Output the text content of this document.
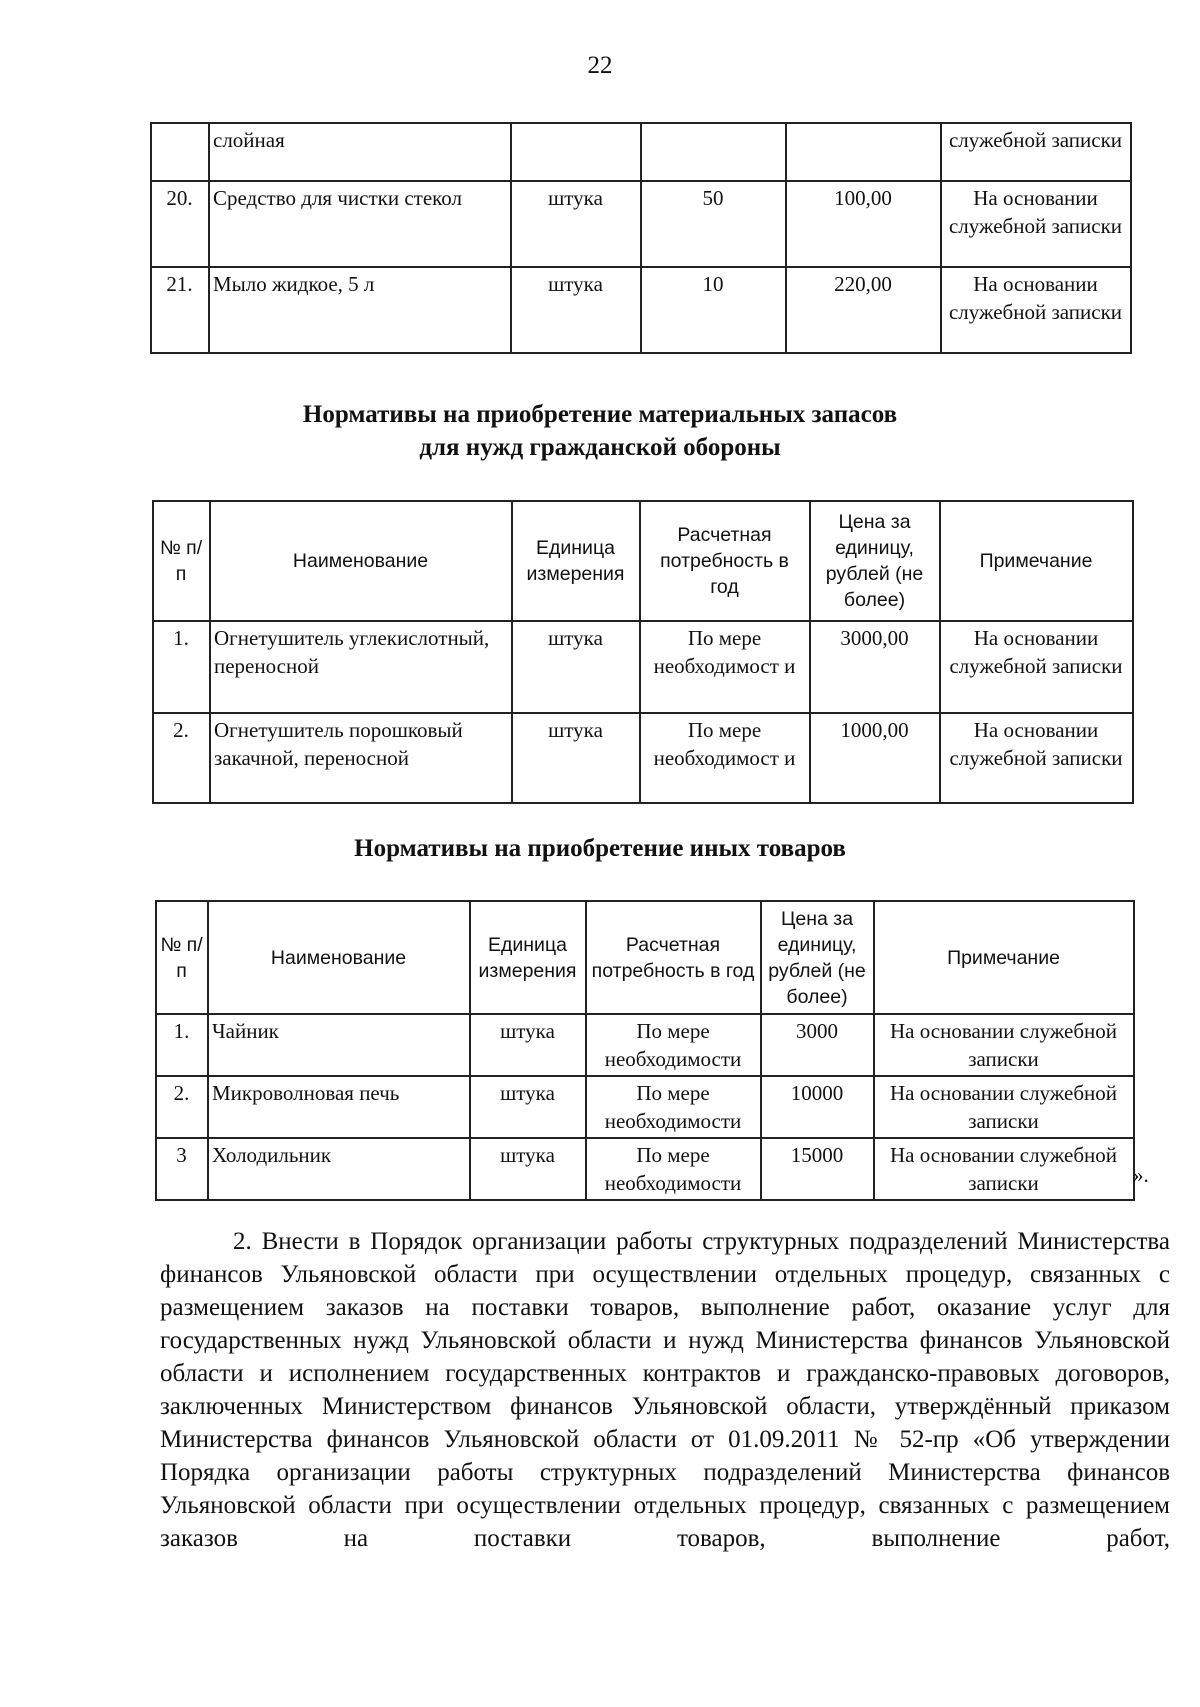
22
	слойная				служебной записки
20.	Средство для чистки стекол	штука	50	100,00	На основании служебной записки
21.	Мыло жидкое, 5 л	штука	10	220,00	На основании служебной записки
Нормативы на приобретение материальных запасов
для нужд гражданской обороны
№ п/п	Наименование	Единица измерения	Расчетная потребность в год	Цена за единицу, рублей (не более)	Примечание
1.	Огнетушитель углекислотный, переносной	штука	По мере необходимост и	3000,00	На основании служебной записки
2.	Огнетушитель порошковый закачной, переносной	штука	По мере необходимост и	1000,00	На основании служебной записки
Нормативы на приобретение иных товаров
№ п/п	Наименование	Единица измерения	Расчетная потребность в год	Цена за единицу, рублей (не более)	Примечание
1.	Чайник	штука	По мере необходимости	3000	На основании служебной записки
2.	Микроволновая печь	штука	По мере необходимости	10000	На основании служебной записки
3	Холодильник	штука	По мере необходимости	15000	На основании служебной записки	».

2. Внести в Порядок организации работы структурных подразделений Министерства финансов Ульяновской области при осуществлении отдельных процедур, связанных с размещением заказов на поставки товаров, выполнение работ, оказание услуг для государственных нужд Ульяновской области и нужд Министерства финансов Ульяновской области и исполнением государственных контрактов и гражданско-правовых договоров, заключенных Министерством финансов Ульяновской области, утверждённый приказом Министерства финансов Ульяновской области от 01.09.2011 № 52-пр «Об утверждении Порядка организации работы структурных подразделений Министерства финансов Ульяновской области при осуществлении отдельных процедур, связанных с размещением заказов на поставки товаров, выполнение работ,
